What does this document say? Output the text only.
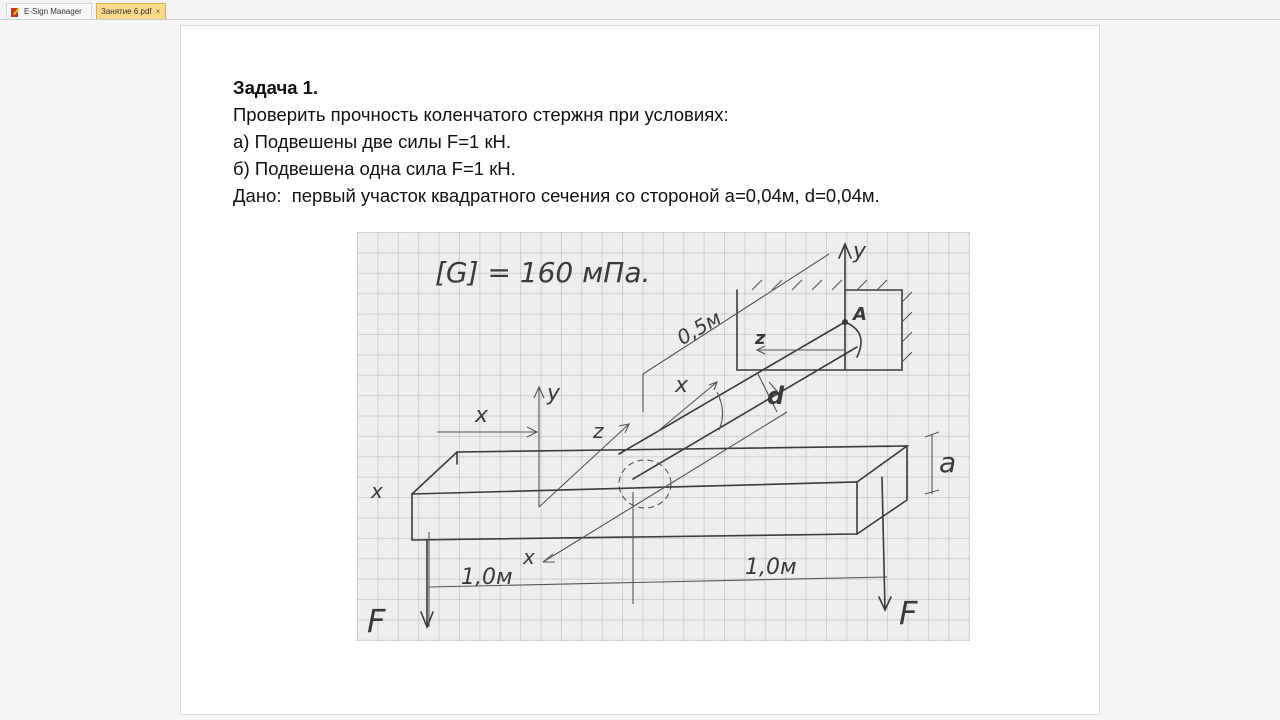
E-Sign Manager Занятие 6.pdf ×
Задача 1.
Проверить прочность коленчатого стержня при условиях:
а) Подвешены две силы F=1 кН.
б) Подвешена одна сила F=1 кН.
Дано:  первый участок квадратного сечения со стороной a=0,04м, d=0,04м.
[G] = 160 мПа.
0,5м	A
y
z
x	d
y
x
z
x
a
x
1,0м	1,0м
F	F
